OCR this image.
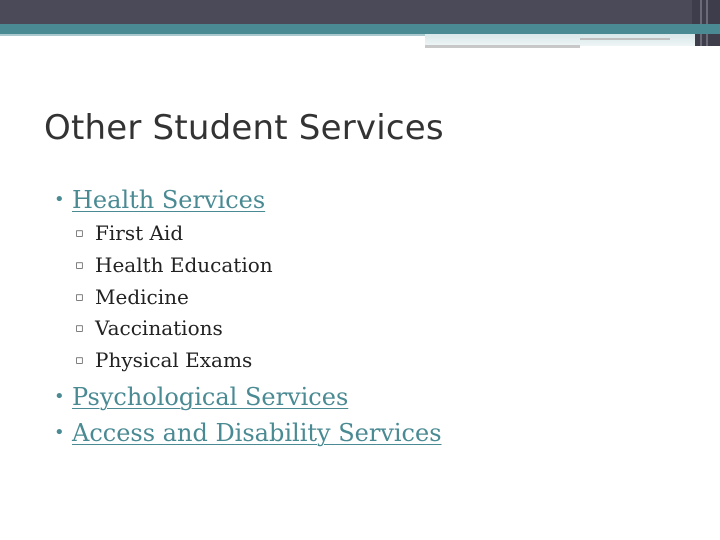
Other Student Services
• Health Services
▫ First Aid
▫ Health Education
▫ Medicine
▫ Vaccinations
▫ Physical Exams
• Psychological Services
• Access and Disability Services
